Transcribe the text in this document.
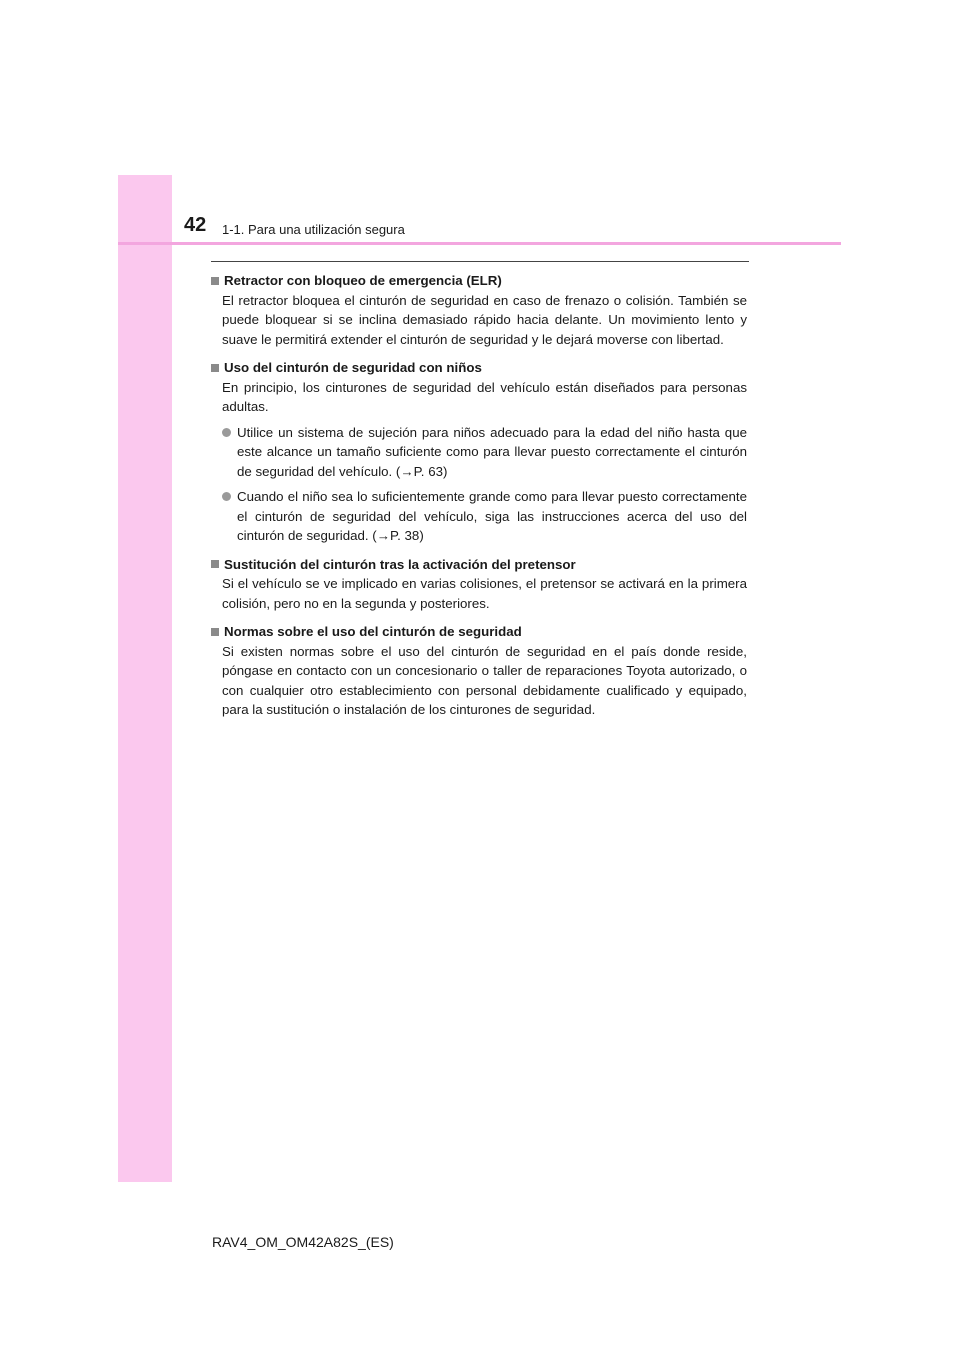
42 1-1. Para una utilización segura
Retractor con bloqueo de emergencia (ELR)
El retractor bloquea el cinturón de seguridad en caso de frenazo o colisión. También se puede bloquear si se inclina demasiado rápido hacia delante. Un movimiento lento y suave le permitirá extender el cinturón de seguridad y le dejará moverse con libertad.
Uso del cinturón de seguridad con niños
En principio, los cinturones de seguridad del vehículo están diseñados para personas adultas.
Utilice un sistema de sujeción para niños adecuado para la edad del niño hasta que este alcance un tamaño suficiente como para llevar puesto correctamente el cinturón de seguridad del vehículo. (→P. 63)
Cuando el niño sea lo suficientemente grande como para llevar puesto correctamente el cinturón de seguridad del vehículo, siga las instrucciones acerca del uso del cinturón de seguridad. (→P. 38)
Sustitución del cinturón tras la activación del pretensor
Si el vehículo se ve implicado en varias colisiones, el pretensor se activará en la primera colisión, pero no en la segunda y posteriores.
Normas sobre el uso del cinturón de seguridad
Si existen normas sobre el uso del cinturón de seguridad en el país donde reside, póngase en contacto con un concesionario o taller de reparaciones Toyota autorizado, o con cualquier otro establecimiento con personal debidamente cualificado y equipado, para la sustitución o instalación de los cinturones de seguridad.
RAV4_OM_OM42A82S_(ES)
